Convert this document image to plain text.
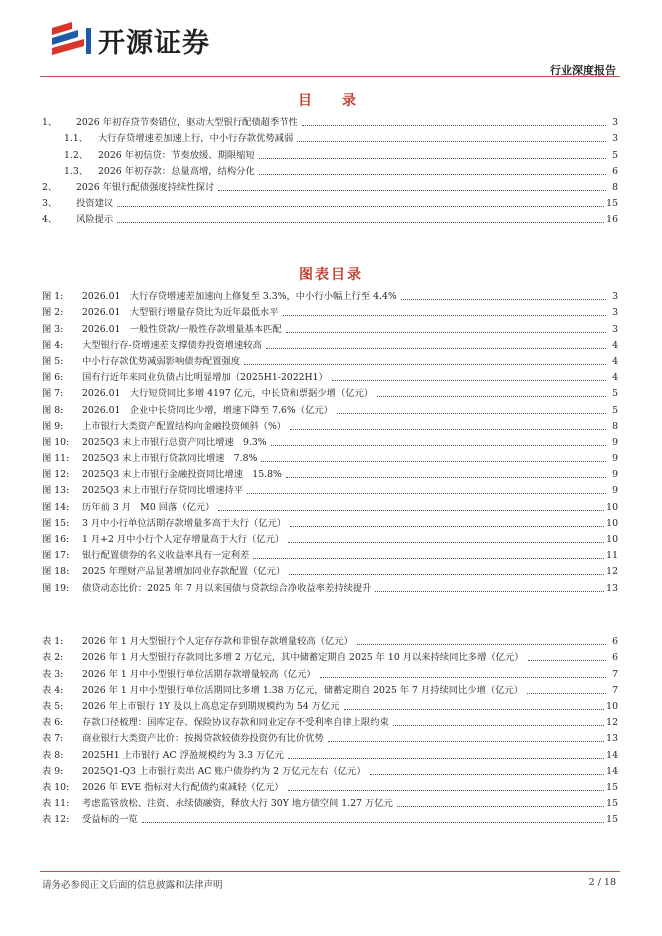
开源证券
行业深度报告
目　录
1、 2026 年初存贷节奏错位，驱动大型银行配债超季节性	3
1.1、 大行存贷增速差加速上行，中小行存款优势减弱	3
1.2、 2026 年初信贷：节奏放缓、期限缩短	5
1.3、 2026 年初存款：总量高增，结构分化	6
2、 2026 年银行配债强度持续性探讨	8
3、 投资建议	15
4、 风险提示	16
图表目录
图 1: 2026.01　大行存贷增速差加速向上修复至 3.3%，中小行小幅上行至 4.4%	3
图 2: 2026.01　大型银行增量存贷比为近年最低水平	3
图 3: 2026.01　一般性贷款/一般性存款增量基本匹配	3
图 4: 大型银行存-贷增速差支撑债券投资增速较高	4
图 5: 中小行存款优势减弱影响债券配置强度	4
图 6: 国有行近年来同业负债占比明显增加（2025H1-2022H1）	4
图 7: 2026.01　大行短贷同比多增 4197 亿元，中长贷和票据少增（亿元）	5
图 8: 2026.01　企业中长贷同比少增，增速下降至 7.6%（亿元）	5
图 9: 上市银行大类资产配置结构向金融投资倾斜（%）	8
图 10: 2025Q3 末上市银行总资产同比增速　9.3%	9
图 11: 2025Q3 末上市银行贷款同比增速　7.8%	9
图 12: 2025Q3 末上市银行金融投资同比增速　15.8%	9
图 13: 2025Q3 末上市银行存贷同比增速持平	9
图 14: 历年前 3 月　M0 回落（亿元）	10
图 15: 3 月中小行单位活期存款增量多高于大行（亿元）	10
图 16: 1 月+2 月中小行个人定存增量高于大行（亿元）	10
图 17: 银行配置债券的名义收益率具有一定利差	11
图 18: 2025 年理财产品显著增加同业存款配置（亿元）	12
图 19: 债贷动态比价：2025 年 7 月以来国债与贷款综合净收益率差持续提升	13
表 1: 2026 年 1 月大型银行个人定存存款和非银存款增量较高（亿元）	6
表 2: 2026 年 1 月大型银行存款同比多增 2 万亿元，其中储蓄定期自 2025 年 10 月以来持续同比多增（亿元）	6
表 3: 2026 年 1 月中小型银行单位活期存款增量较高（亿元）	7
表 4: 2026 年 1 月中小型银行单位活期同比多增 1.38 万亿元，储蓄定期自 2025 年 7 月持续同比少增（亿元）	7
表 5: 2026 年上市银行 1Y 及以上高息定存到期规模约为 54 万亿元	10
表 6: 存款口径梳理：国库定存、保险协议存款和同业定存不受利率自律上限约束	12
表 7: 商业银行大类资产比价：按揭贷款较债券投资仍有比价优势	13
表 8: 2025H1 上市银行 AC 浮盈规模约为 3.3 万亿元	14
表 9: 2025Q1-Q3 上市银行卖出 AC 账户债券约为 2 万亿元左右（亿元）	14
表 10: 2026 年 EVE 指标对大行配债约束减轻（亿元）	15
表 11: 考虑监管放松、注资、永续债融资，释放大行 30Y 地方债空间 1.27 万亿元	15
表 12: 受益标的一览	15
请务必参阅正文后面的信息披露和法律声明	2 / 18
